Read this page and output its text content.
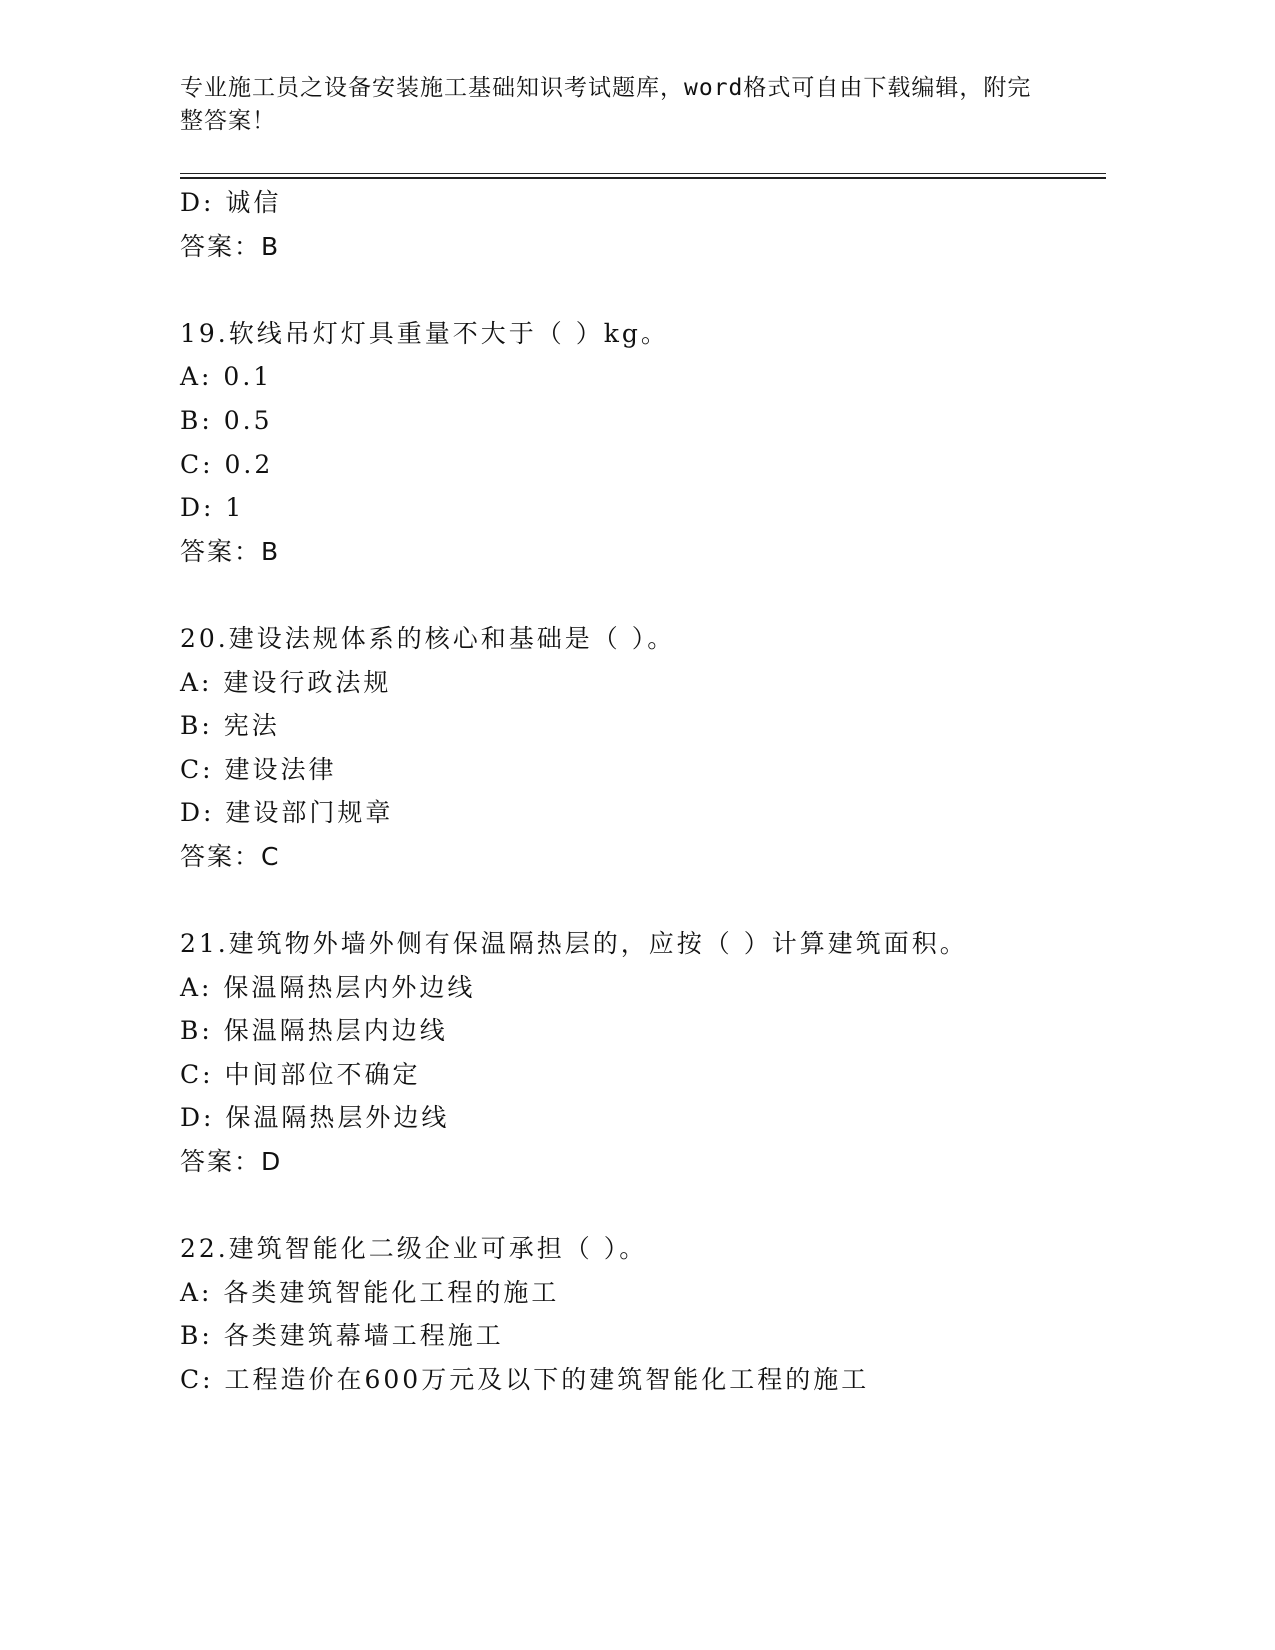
专业施工员之设备安装施工基础知识考试题库，word格式可自由下载编辑，附完
整答案！
D: 诚信
答案：B
19.软线吊灯灯具重量不大于（ ）kg。
A: 0.1
B: 0.5
C: 0.2
D: 1
答案：B
20.建设法规体系的核心和基础是（ ）。
A: 建设行政法规
B: 宪法
C: 建设法律
D: 建设部门规章
答案：C
21.建筑物外墙外侧有保温隔热层的，应按（ ）计算建筑面积。
A: 保温隔热层内外边线
B: 保温隔热层内边线
C: 中间部位不确定
D: 保温隔热层外边线
答案：D
22.建筑智能化二级企业可承担（ ）。
A: 各类建筑智能化工程的施工
B: 各类建筑幕墙工程施工
C: 工程造价在600万元及以下的建筑智能化工程的施工
